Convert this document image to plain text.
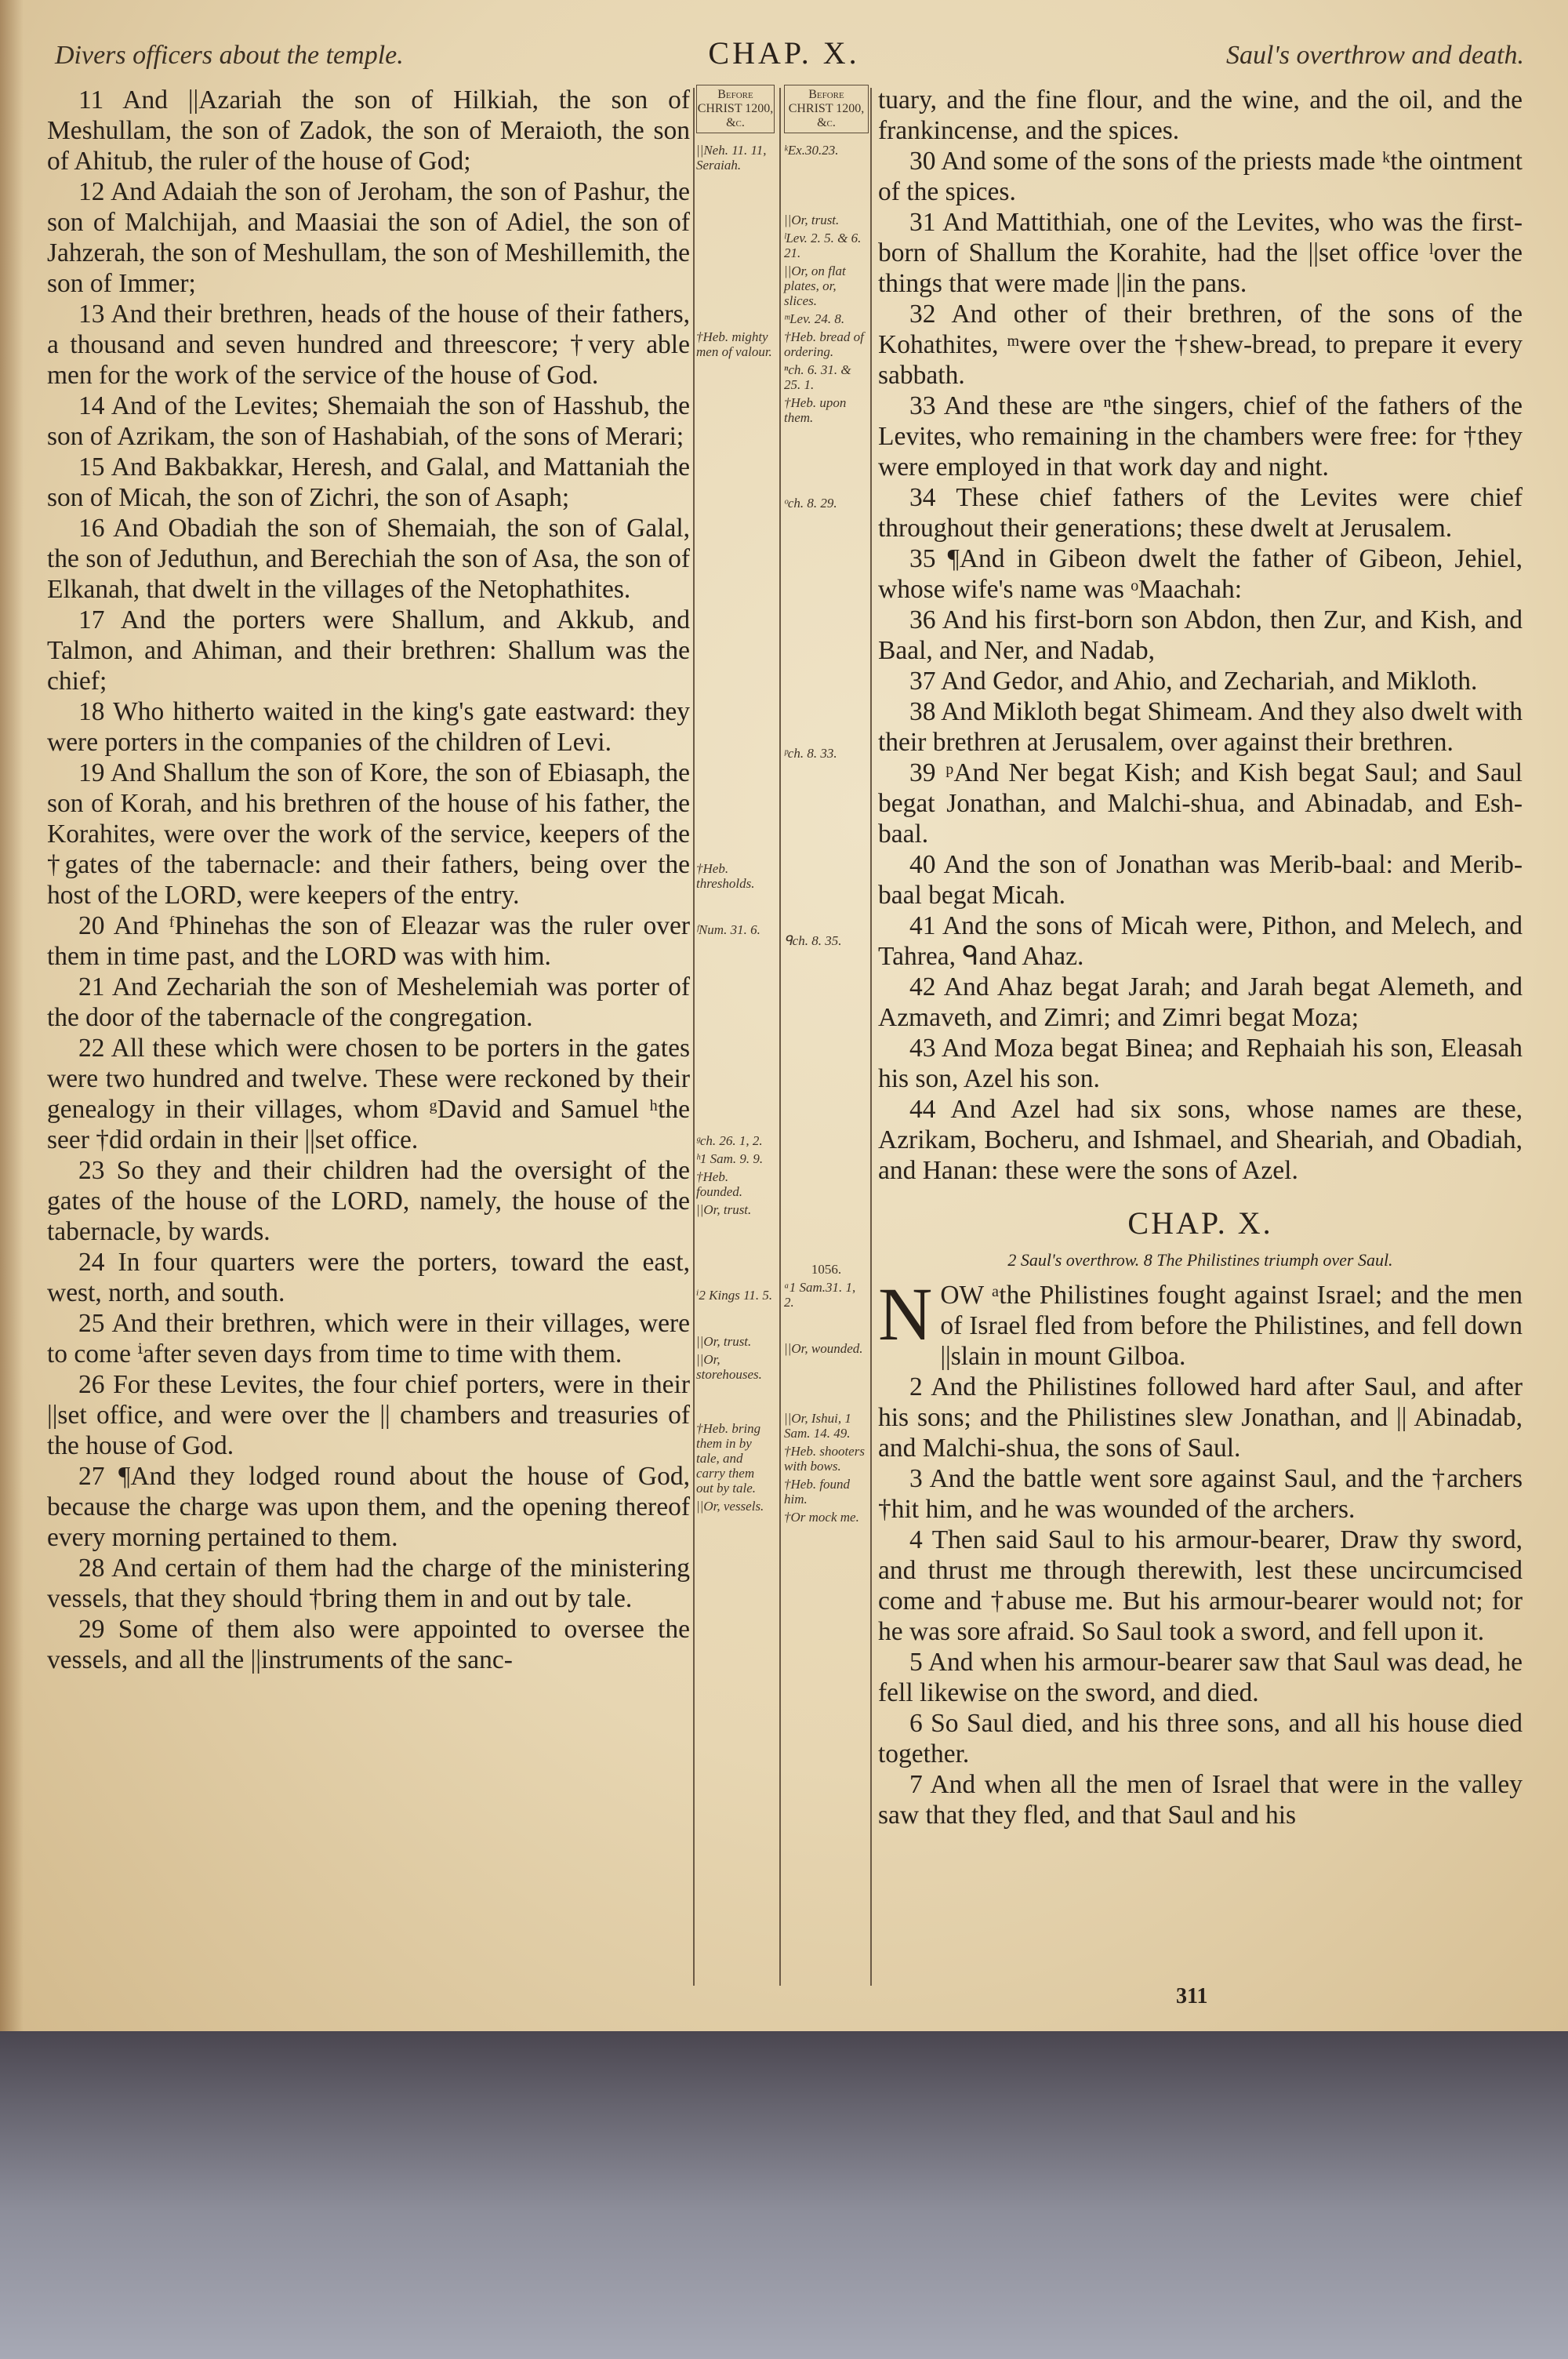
Divers officers about the temple.	CHAP. X.	Saul's overthrow and death.

11 And ||Azariah the son of Hilkiah, the son of Meshullam, the son of Zadok, the son of Meraioth, the son of Ahitub, the ruler of the house of God;

12 And Adaiah the son of Jeroham, the son of Pashur, the son of Malchijah, and Maasiai the son of Adiel, the son of Jahzerah, the son of Meshullam, the son of Meshillemith, the son of Immer;

13 And their brethren, heads of the house of their fathers, a thousand and seven hundred and threescore; †very able men for the work of the service of the house of God.

14 And of the Levites; Shemaiah the son of Hasshub, the son of Azrikam, the son of Hashabiah, of the sons of Merari;

15 And Bakbakkar, Heresh, and Galal, and Mattaniah the son of Micah, the son of Zichri, the son of Asaph;

16 And Obadiah the son of Shemaiah, the son of Galal, the son of Jeduthun, and Berechiah the son of Asa, the son of Elkanah, that dwelt in the villages of the Netophathites.

17 And the porters were Shallum, and Akkub, and Talmon, and Ahiman, and their brethren: Shallum was the chief;

18 Who hitherto waited in the king's gate eastward: they were porters in the companies of the children of Levi.

19 And Shallum the son of Kore, the son of Ebiasaph, the son of Korah, and his brethren of the house of his father, the Korahites, were over the work of the service, keepers of the †gates of the tabernacle: and their fathers, being over the host of the LORD, were keepers of the entry.

20 And ᶠPhinehas the son of Eleazar was the ruler over them in time past, and the LORD was with him.

21 And Zechariah the son of Meshelemiah was porter of the door of the tabernacle of the congregation.

22 All these which were chosen to be porters in the gates were two hundred and twelve. These were reckoned by their genealogy in their villages, whom ᵍDavid and Samuel ʰthe seer †did ordain in their ||set office.

23 So they and their children had the oversight of the gates of the house of the LORD, namely, the house of the tabernacle, by wards.

24 In four quarters were the porters, toward the east, west, north, and south.

25 And their brethren, which were in their villages, were to come ⁱafter seven days from time to time with them.

26 For these Levites, the four chief porters, were in their ||set office, and were over the || chambers and treasuries of the house of God.

27 ¶And they lodged round about the house of God, because the charge was upon them, and the opening thereof every morning pertained to them.

28 And certain of them had the charge of the ministering vessels, that they should †bring them in and out by tale.

29 Some of them also were appointed to oversee the vessels, and all the ||instruments of the sanc-

Before CHRIST 1200, &c.

||Neh. 11. 11, Seraiah.

†Heb. mighty men of valour.

†Heb. thresholds.

ᶠNum. 31. 6.

ᵍch. 26. 1, 2.

ʰ1 Sam. 9. 9.

†Heb. founded.

||Or, trust.

ⁱ2 Kings 11. 5.

||Or, trust.

||Or, storehouses.

†Heb. bring them in by tale, and carry them out by tale.

||Or, vessels.

Before CHRIST 1200, &c.

ᵏEx.30.23.

||Or, trust.

ˡLev. 2. 5. & 6. 21.

||Or, on flat plates, or, slices.

ᵐLev. 24. 8.

†Heb. bread of ordering.

ⁿch. 6. 31. & 25. 1.

†Heb. upon them.

ᵒch. 8. 29.

ᵖch. 8. 33.

ᑫch. 8. 35.

1056.

ᵃ1 Sam.31. 1, 2.

||Or, wounded.

||Or, Ishui, 1 Sam. 14. 49.

†Heb. shooters with bows.

†Heb. found him.

†Or mock me.

tuary, and the fine flour, and the wine, and the oil, and the frankincense, and the spices.

30 And some of the sons of the priests made ᵏthe ointment of the spices.

31 And Mattithiah, one of the Levites, who was the first-born of Shallum the Korahite, had the ||set office ˡover the things that were made ||in the pans.

32 And other of their brethren, of the sons of the Kohathites, ᵐwere over the †shew-bread, to prepare it every sabbath.

33 And these are ⁿthe singers, chief of the fathers of the Levites, who remaining in the chambers were free: for †they were employed in that work day and night.

34 These chief fathers of the Levites were chief throughout their generations; these dwelt at Jerusalem.

35 ¶And in Gibeon dwelt the father of Gibeon, Jehiel, whose wife's name was ᵒMaachah:

36 And his first-born son Abdon, then Zur, and Kish, and Baal, and Ner, and Nadab,

37 And Gedor, and Ahio, and Zechariah, and Mikloth.

38 And Mikloth begat Shimeam. And they also dwelt with their brethren at Jerusalem, over against their brethren.

39 ᵖAnd Ner begat Kish; and Kish begat Saul; and Saul begat Jonathan, and Malchi-shua, and Abinadab, and Esh-baal.

40 And the son of Jonathan was Merib-baal: and Merib-baal begat Micah.

41 And the sons of Micah were, Pithon, and Melech, and Tahrea, ᑫand Ahaz.

42 And Ahaz begat Jarah; and Jarah begat Alemeth, and Azmaveth, and Zimri; and Zimri begat Moza;

43 And Moza begat Binea; and Rephaiah his son, Eleasah his son, Azel his son.

44 And Azel had six sons, whose names are these, Azrikam, Bocheru, and Ishmael, and Sheariah, and Obadiah, and Hanan: these were the sons of Azel.

CHAP. X.
2 Saul's overthrow. 8 The Philistines triumph over Saul.

N OW ᵃthe Philistines fought against Israel; and the men of Israel fled from before the Philistines, and fell down ||slain in mount Gilboa.

2 And the Philistines followed hard after Saul, and after his sons; and the Philistines slew Jonathan, and || Abinadab, and Malchi-shua, the sons of Saul.

3 And the battle went sore against Saul, and the †archers †hit him, and he was wounded of the archers.

4 Then said Saul to his armour-bearer, Draw thy sword, and thrust me through therewith, lest these uncircumcised come and †abuse me. But his armour-bearer would not; for he was sore afraid. So Saul took a sword, and fell upon it.

5 And when his armour-bearer saw that Saul was dead, he fell likewise on the sword, and died.

6 So Saul died, and his three sons, and all his house died together.

7 And when all the men of Israel that were in the valley saw that they fled, and that Saul and his

311
